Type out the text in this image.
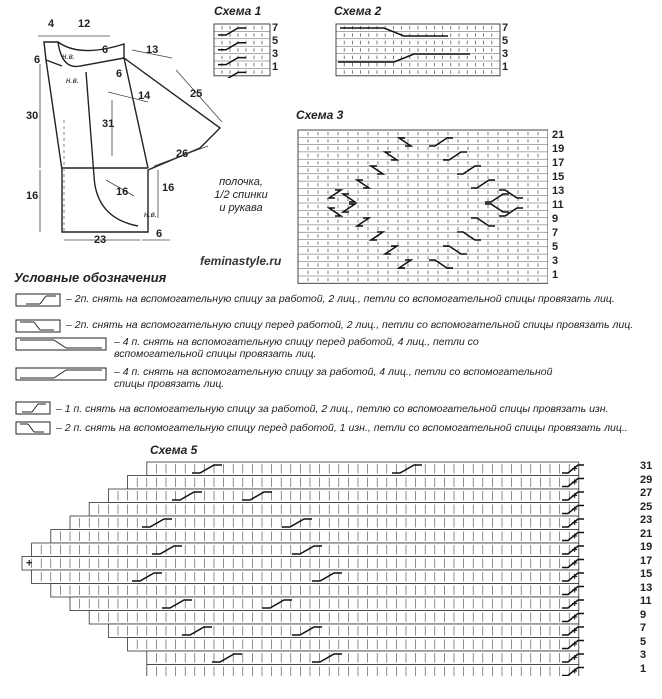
4 12
6
6
13
6
14	25
30
31
26
16	16	16
23	6
н.в.
н.в.
н.в.
полочка,
1/2 спинки
и рукава
Схема 1
7
5
3
1
Схема 2
7
5
3
1
Схема 3
21
19
17
15
13
11
9
7
5
3
1
feminastyle.ru
Условные обозначения
– 2п. снять на вспомогательную спицу за работой, 2 лиц., петли со вспомогательной спицы провязать лиц.
– 2п. снять на вспомогательную спицу перед работой, 2 лиц., петли со вспомогательной спицы провязать лиц.
– 4 п. снять на вспомогательную спицу перед работой, 4 лиц., петли со вспомогательной спицы провязать лиц.
– 4 п. снять на вспомогательную спицу за работой, 4 лиц., петли со вспомогательной спицы провязать лиц.
– 1 п. снять на вспомогательную спицу за работой, 2 лиц., петлю со вспомогательной спицы провязать изн.
– 2 п. снять на вспомогательную спицу перед работой, 1 изн., петли со вспомогательной спицы провязать лиц..
Схема 5
+
+
+
+
+
+
+
+
+
+
+
+
+
+
+
+
+
31
29
27
25
23
21
19
17
15
13
11
9
7
5
3
1
